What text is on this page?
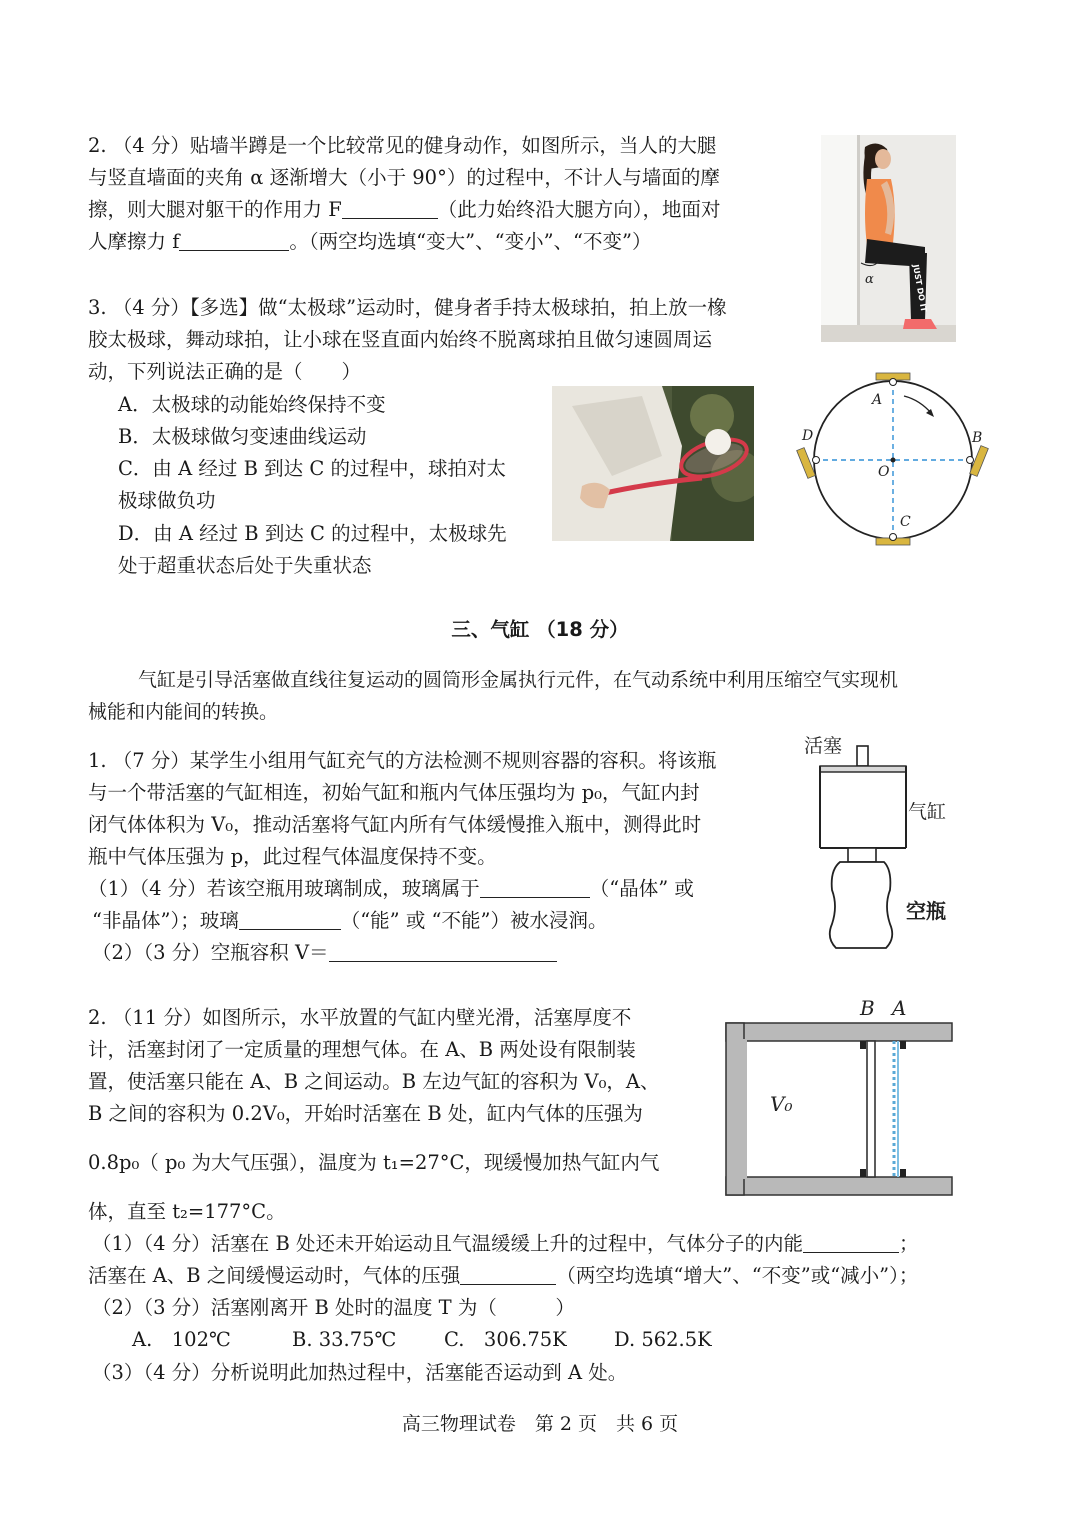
2. （4 分）贴墙半蹲是一个比较常见的健身动作，如图所示，当人的大腿
与竖直墙面的夹角 α 逐渐增大（小于 90°）的过程中，不计人与墙面的摩
擦，则大腿对躯干的作用力 F	（此力始终沿大腿方向），地面对
人摩擦力 f	。（两空均选填“变大”、“变小”、“不变”）
JUST DO IT
α
3. （4 分）【多选】做“太极球”运动时，健身者手持太极球拍，拍上放一橡
胶太极球，舞动球拍，让小球在竖直面内始终不脱离球拍且做匀速圆周运
动，下列说法正确的是（　　）
A．太极球的动能始终保持不变
B．太极球做匀变速曲线运动
C．由 A 经过 B 到达 C 的过程中，球拍对太
极球做负功
D．由 A 经过 B 到达 C 的过程中，太极球先
处于超重状态后处于失重状态
A
B
C
D
O
三、气缸 （18 分）
气缸是引导活塞做直线往复运动的圆筒形金属执行元件，在气动系统中利用压缩空气实现机
械能和内能间的转换。
1. （7 分）某学生小组用气缸充气的方法检测不规则容器的容积。将该瓶
与一个带活塞的气缸相连，初始气缸和瓶内气体压强均为 p₀，气缸内封
闭气体体积为 V₀，推动活塞将气缸内所有气体缓慢推入瓶中，测得此时
瓶中气体压强为 p，此过程气体温度保持不变。
（1）（4 分）若该空瓶用玻璃制成，玻璃属于	（“晶体” 或
“非晶体”）；玻璃	（“能” 或 “不能”）被水浸润。
（2）（3 分）空瓶容积 V＝
活塞
气缸
空瓶
2. （11 分）如图所示，水平放置的气缸内壁光滑，活塞厚度不
计，活塞封闭了一定质量的理想气体。在 A、B 两处设有限制装
置，使活塞只能在 A、B 之间运动。B 左边气缸的容积为 V₀，A、
B 之间的容积为 0.2V₀，开始时活塞在 B 处，缸内气体的压强为
0.8p₀（ p₀ 为大气压强），温度为 t₁=27°C，现缓慢加热气缸内气
体，直至 t₂=177°C。
（1）（4 分）活塞在 B 处还未开始运动且气温缓缓上升的过程中，气体分子的内能	；
活塞在 A、B 之间缓慢运动时，气体的压强	（两空均选填“增大”、“不变”或“减小”）；
（2）（3 分）活塞刚离开 B 处时的温度 T 为（　　　）
A.　102℃	B. 33.75℃ C.　306.75K D. 562.5K
（3）（4 分）分析说明此加热过程中，活塞能否运动到 A 处。
B A
V₀
高三物理试卷　第 2 页　共 6 页
